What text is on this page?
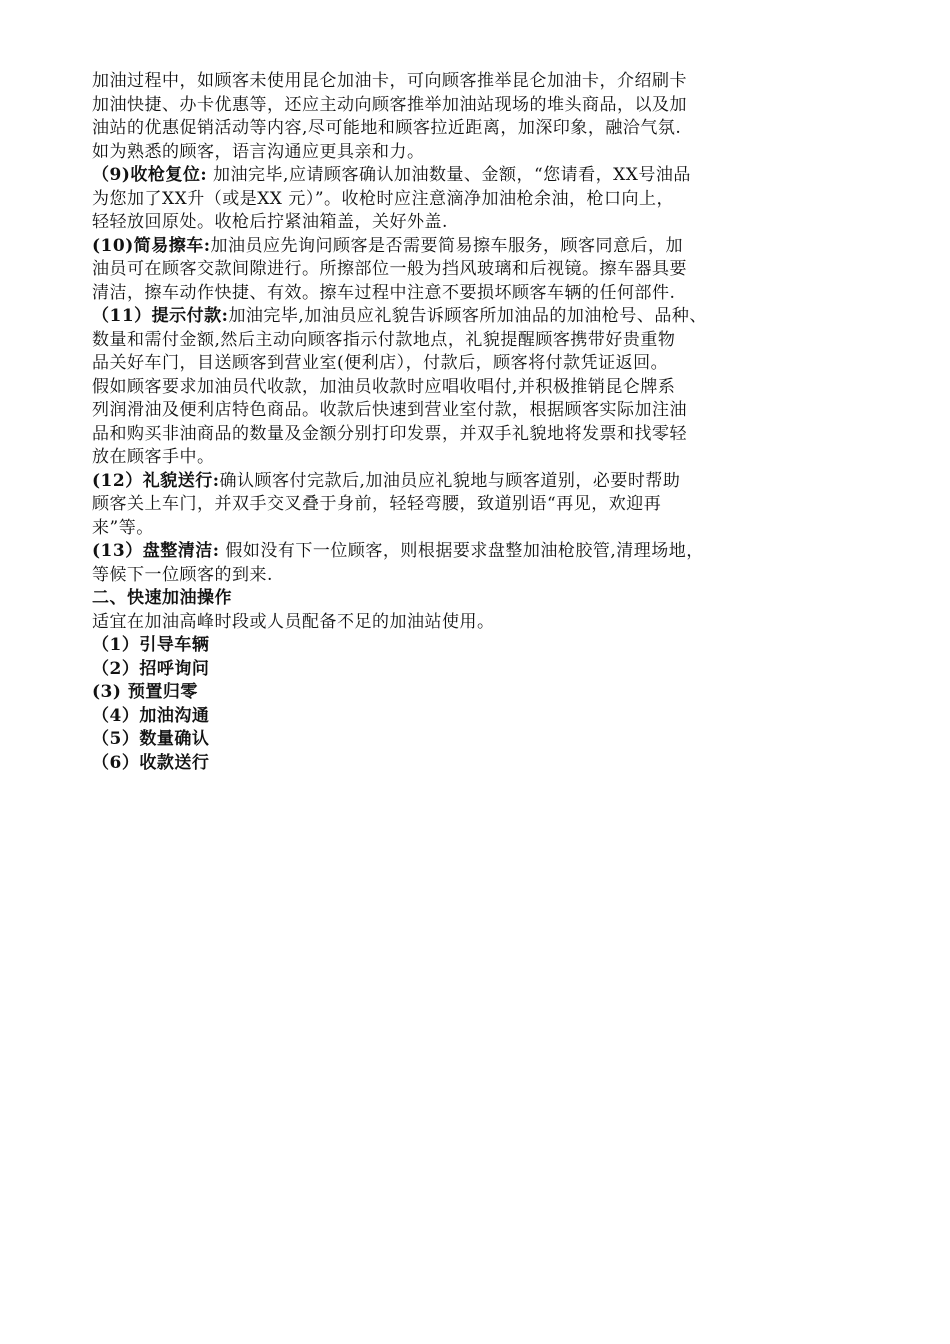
加油过程中，如顾客未使用昆仑加油卡，可向顾客推举昆仑加油卡，介绍刷卡
加油快捷、办卡优惠等，还应主动向顾客推举加油站现场的堆头商品，以及加
油站的优惠促销活动等内容,尽可能地和顾客拉近距离，加深印象，融洽气氛.
如为熟悉的顾客，语言沟通应更具亲和力。
（9)收枪复位: 加油完毕,应请顾客确认加油数量、金额，“您请看，XX号油品
为您加了XX升（或是XX 元）”。收枪时应注意滴净加油枪余油，枪口向上，
轻轻放回原处。收枪后拧紧油箱盖，关好外盖.
(10)简易擦车:加油员应先询问顾客是否需要简易擦车服务，顾客同意后，加
油员可在顾客交款间隙进行。所擦部位一般为挡风玻璃和后视镜。擦车器具要
清洁，擦车动作快捷、有效。擦车过程中注意不要损坏顾客车辆的任何部件.
（11）提示付款:加油完毕,加油员应礼貌告诉顾客所加油品的加油枪号、品种、
数量和需付金额,然后主动向顾客指示付款地点，礼貌提醒顾客携带好贵重物
品关好车门，目送顾客到营业室(便利店），付款后，顾客将付款凭证返回。
假如顾客要求加油员代收款，加油员收款时应唱收唱付,并积极推销昆仑牌系
列润滑油及便利店特色商品。收款后快速到营业室付款，根据顾客实际加注油
品和购买非油商品的数量及金额分别打印发票，并双手礼貌地将发票和找零轻
放在顾客手中。
(12）礼貌送行:确认顾客付完款后,加油员应礼貌地与顾客道别，必要时帮助
顾客关上车门，并双手交叉叠于身前，轻轻弯腰，致道别语“再见，欢迎再
来”等。
(13）盘整清洁: 假如没有下一位顾客，则根据要求盘整加油枪胶管,清理场地，
等候下一位顾客的到来.
二、快速加油操作
适宜在加油高峰时段或人员配备不足的加油站使用。
（1）引导车辆
（2）招呼询问
(3) 预置归零
（4）加油沟通
（5）数量确认
（6）收款送行
